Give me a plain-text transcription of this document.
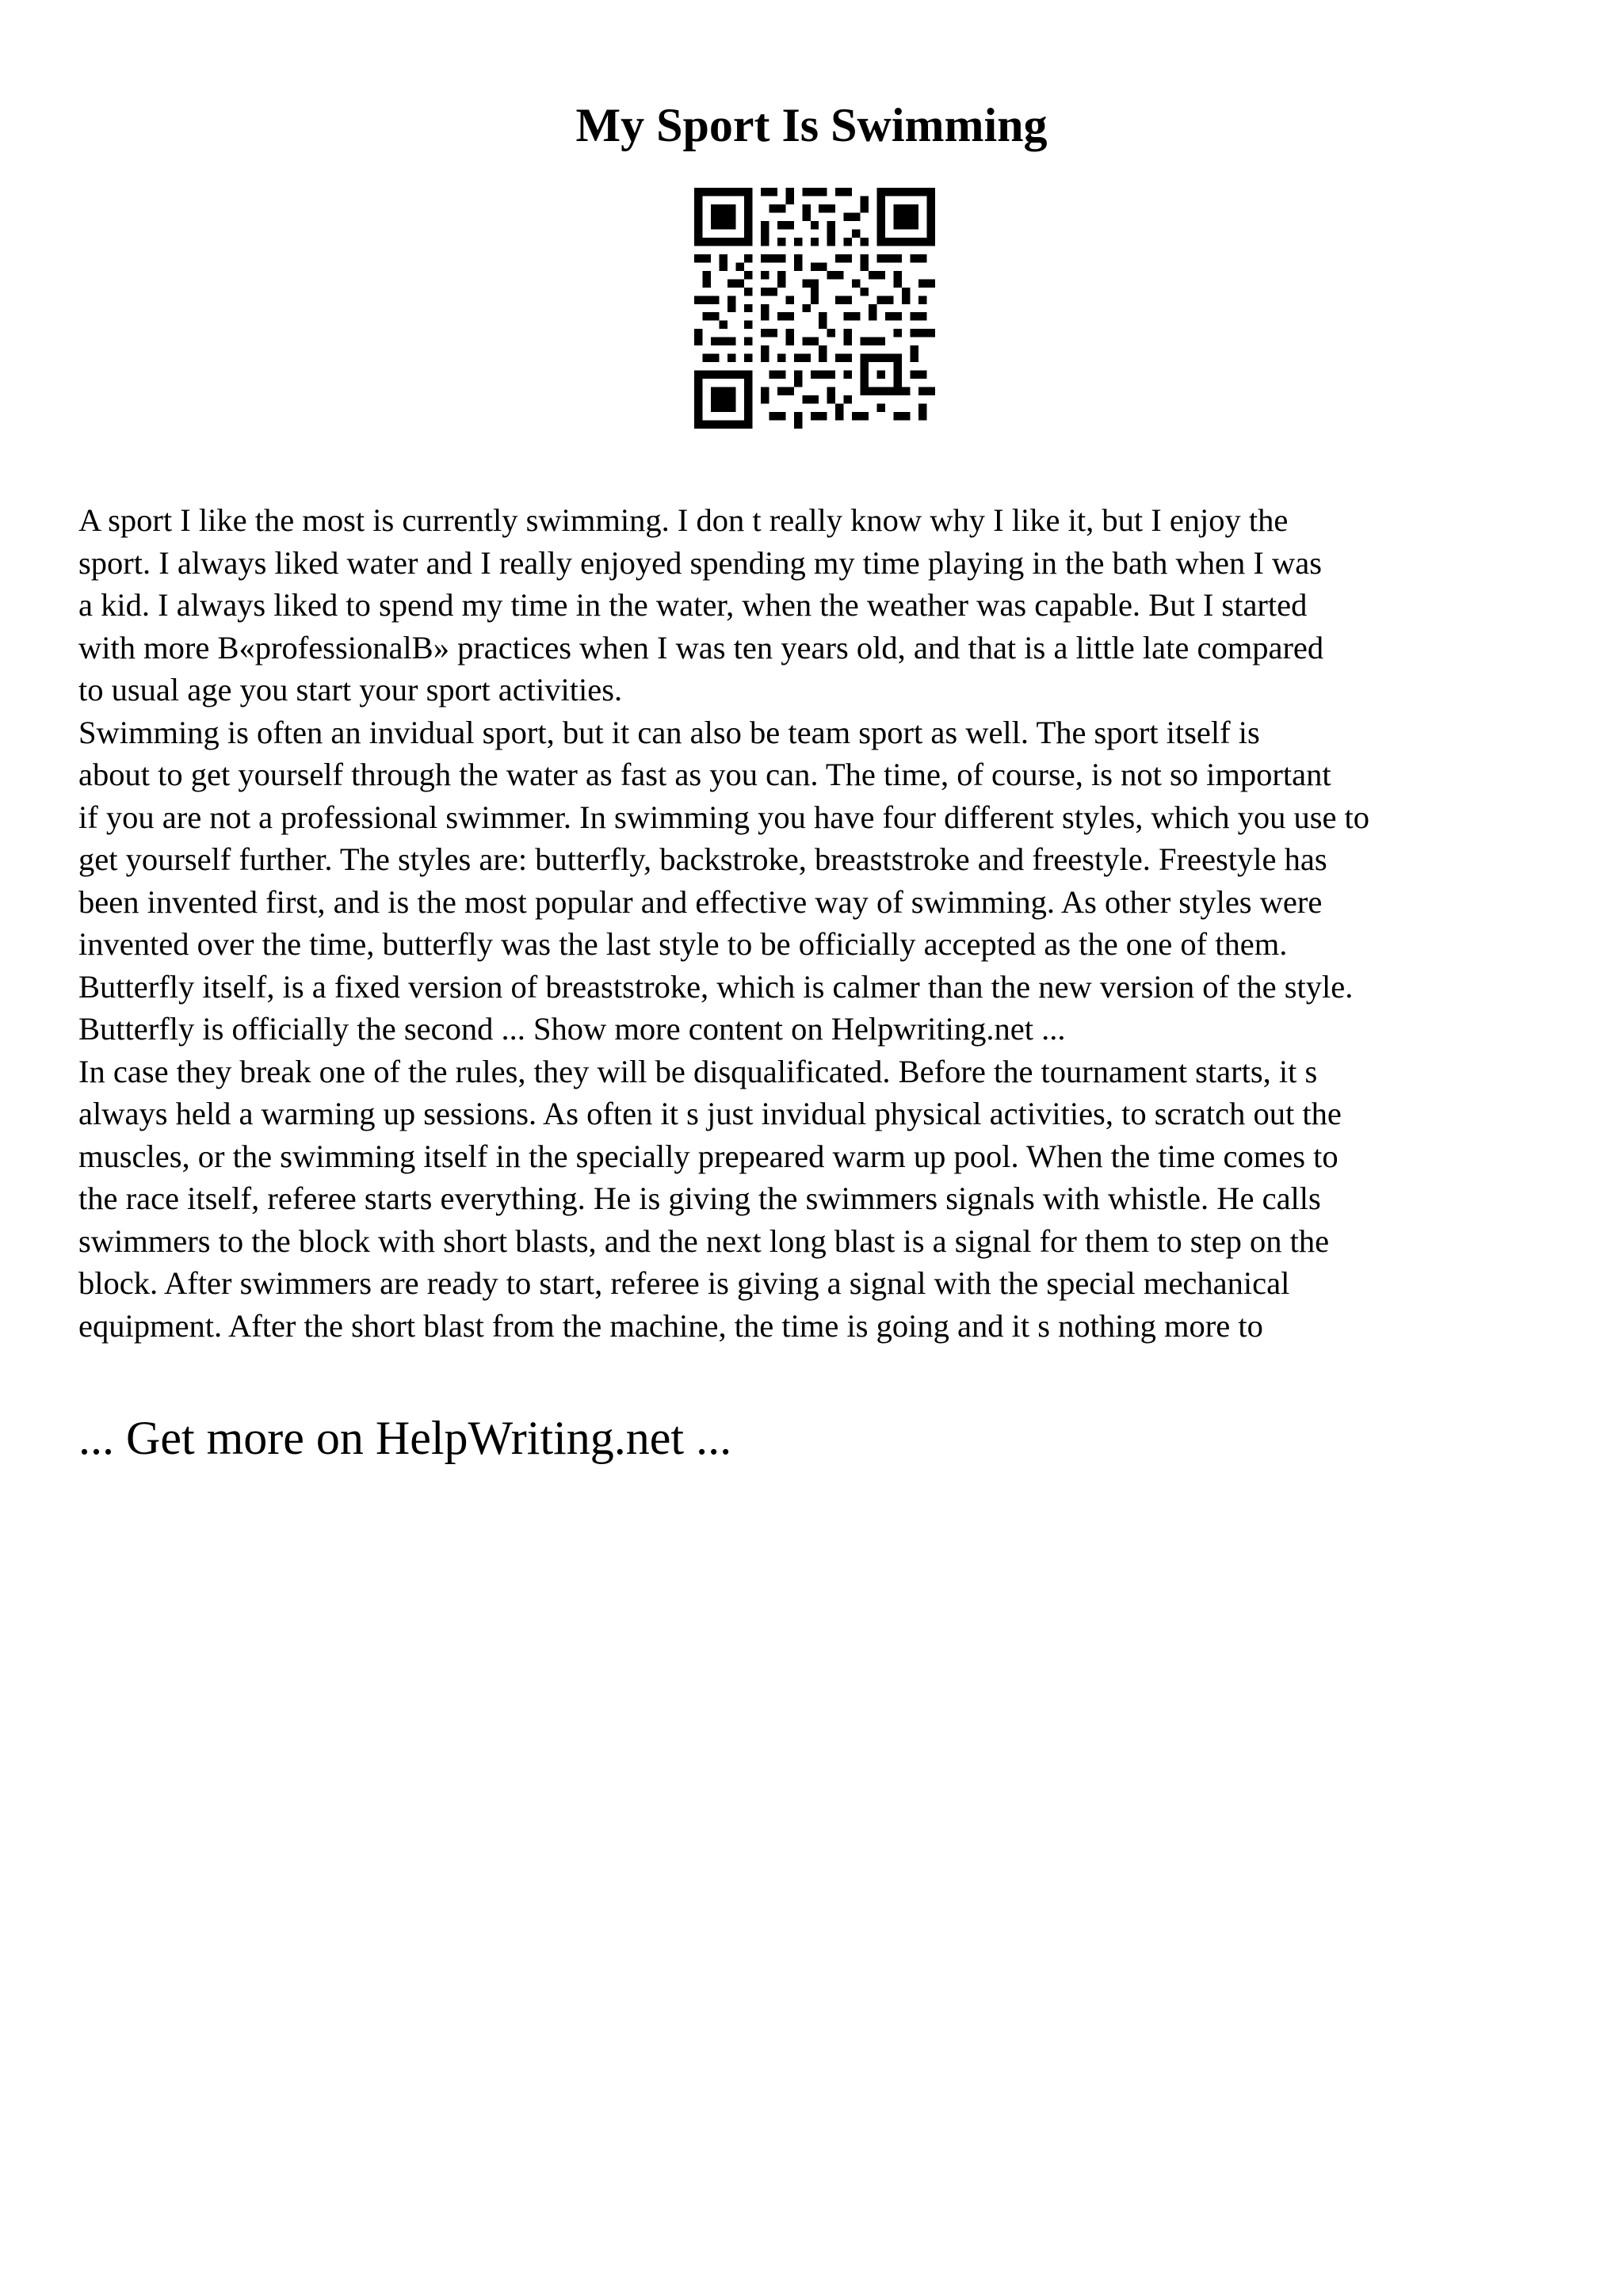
My Sport Is Swimming
A sport I like the most is currently swimming. I don t really know why I like it, but I enjoy the
sport. I always liked water and I really enjoyed spending my time playing in the bath when I was
a kid. I always liked to spend my time in the water, when the weather was capable. But I started
with more B«professionalB» practices when I was ten years old, and that is a little late compared
to usual age you start your sport activities.
Swimming is often an invidual sport, but it can also be team sport as well. The sport itself is
about to get yourself through the water as fast as you can. The time, of course, is not so important
if you are not a professional swimmer. In swimming you have four different styles, which you use to
get yourself further. The styles are: butterfly, backstroke, breaststroke and freestyle. Freestyle has
been invented first, and is the most popular and effective way of swimming. As other styles were
invented over the time, butterfly was the last style to be officially accepted as the one of them.
Butterfly itself, is a fixed version of breaststroke, which is calmer than the new version of the style.
Butterfly is officially the second ... Show more content on Helpwriting.net ...
In case they break one of the rules, they will be disqualificated. Before the tournament starts, it s
always held a warming up sessions. As often it s just invidual physical activities, to scratch out the
muscles, or the swimming itself in the specially prepeared warm up pool. When the time comes to
the race itself, referee starts everything. He is giving the swimmers signals with whistle. He calls
swimmers to the block with short blasts, and the next long blast is a signal for them to step on the
block. After swimmers are ready to start, referee is giving a signal with the special mechanical
equipment. After the short blast from the machine, the time is going and it s nothing more to
... Get more on HelpWriting.net ...
